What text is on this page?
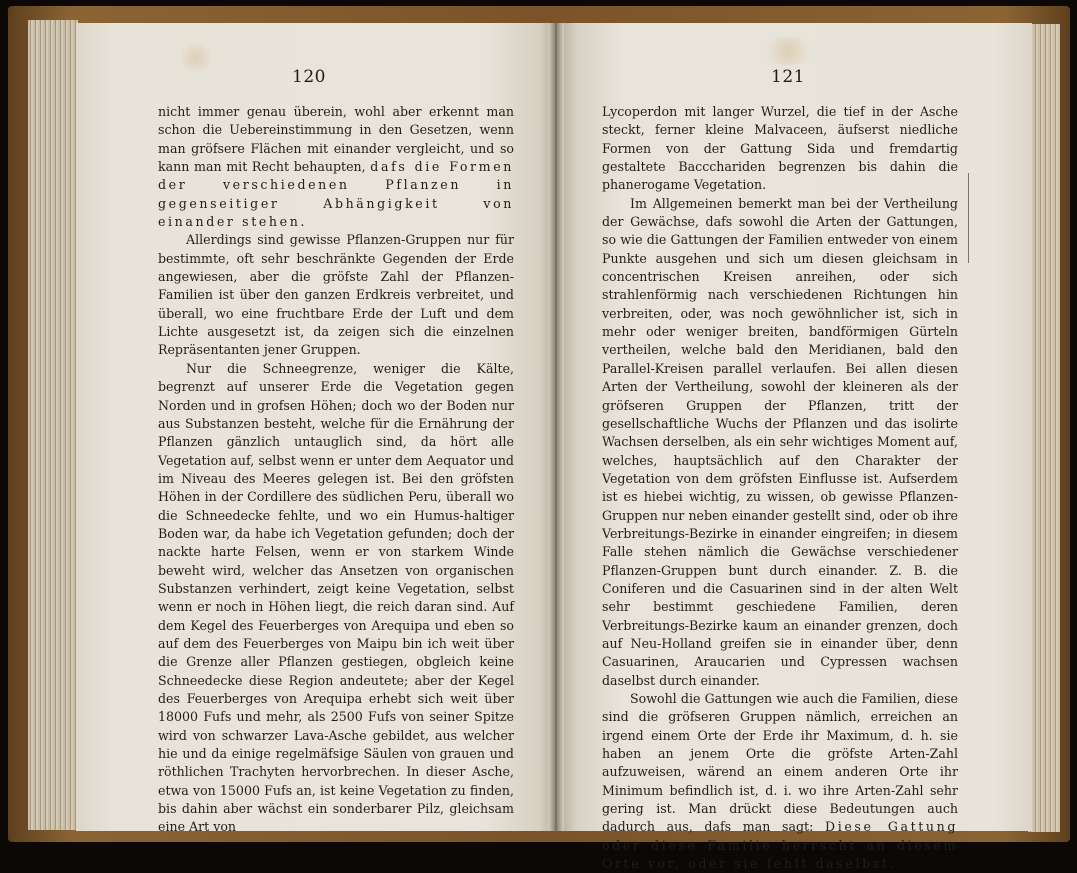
120

nicht immer genau überein, wohl aber erkennt man schon die Uebereinstimmung in den Gesetzen, wenn man gröfsere Flächen mit einander vergleicht, und so kann man mit Recht behaupten, dafs die Formen der verschiedenen Pflanzen in gegenseitiger Abhängigkeit von einander stehen.

Allerdings sind gewisse Pflanzen-Gruppen nur für bestimmte, oft sehr beschränkte Gegenden der Erde angewiesen, aber die gröfste Zahl der Pflanzen-Familien ist über den ganzen Erdkreis verbreitet, und überall, wo eine fruchtbare Erde der Luft und dem Lichte ausgesetzt ist, da zeigen sich die einzelnen Repräsentanten jener Gruppen.

Nur die Schneegrenze, weniger die Kälte, begrenzt auf unserer Erde die Vegetation gegen Norden und in grofsen Höhen; doch wo der Boden nur aus Substanzen besteht, welche für die Ernährung der Pflanzen gänzlich untauglich sind, da hört alle Vegetation auf, selbst wenn er unter dem Aequator und im Niveau des Meeres gelegen ist. Bei den gröfsten Höhen in der Cordillere des südlichen Peru, überall wo die Schneedecke fehlte, und wo ein Humus-haltiger Boden war, da habe ich Vegetation gefunden; doch der nackte harte Felsen, wenn er von starkem Winde beweht wird, welcher das Ansetzen von organischen Substanzen verhindert, zeigt keine Vegetation, selbst wenn er noch in Höhen liegt, die reich daran sind. Auf dem Kegel des Feuerberges von Arequipa und eben so auf dem des Feuerberges von Maipu bin ich weit über die Grenze aller Pflanzen gestiegen, obgleich keine Schneedecke diese Region andeutete; aber der Kegel des Feuerberges von Arequipa erhebt sich weit über 18000 Fufs und mehr, als 2500 Fufs von seiner Spitze wird von schwarzer Lava-Asche gebildet, aus welcher hie und da einige regelmäfsige Säulen von grauen und röthlichen Trachyten hervorbrechen. In dieser Asche, etwa von 15000 Fufs an, ist keine Vegetation zu finden, bis dahin aber wächst ein sonderbarer Pilz, gleichsam eine Art von

121

Lycoperdon mit langer Wurzel, die tief in der Asche steckt, ferner kleine Malvaceen, äufserst niedliche Formen von der Gattung Sida und fremdartig gestaltete Baccchariden begrenzen bis dahin die phanerogame Vegetation.

Im Allgemeinen bemerkt man bei der Vertheilung der Gewächse, dafs sowohl die Arten der Gattungen, so wie die Gattungen der Familien entweder von einem Punkte ausgehen und sich um diesen gleichsam in concentrischen Kreisen anreihen, oder sich strahlenförmig nach verschiedenen Richtungen hin verbreiten, oder, was noch gewöhnlicher ist, sich in mehr oder weniger breiten, bandförmigen Gürteln vertheilen, welche bald den Meridianen, bald den Parallel-Kreisen parallel verlaufen. Bei allen diesen Arten der Vertheilung, sowohl der kleineren als der gröfseren Gruppen der Pflanzen, tritt der gesellschaftliche Wuchs der Pflanzen und das isolirte Wachsen derselben, als ein sehr wichtiges Moment auf, welches, hauptsächlich auf den Charakter der Vegetation von dem gröfsten Einflusse ist. Aufserdem ist es hiebei wichtig, zu wissen, ob gewisse Pflanzen-Gruppen nur neben einander gestellt sind, oder ob ihre Verbreitungs-Bezirke in einander eingreifen; in diesem Falle stehen nämlich die Gewächse verschiedener Pflanzen-Gruppen bunt durch einander. Z. B. die Coniferen und die Casuarinen sind in der alten Welt sehr bestimmt geschiedene Familien, deren Verbreitungs-Bezirke kaum an einander grenzen, doch auf Neu-Holland greifen sie in einander über, denn Casuarinen, Araucarien und Cypressen wachsen daselbst durch einander.

Sowohl die Gattungen wie auch die Familien, diese sind die gröfseren Gruppen nämlich, erreichen an irgend einem Orte der Erde ihr Maximum, d. h. sie haben an jenem Orte die gröfste Arten-Zahl aufzuweisen, wärend an einem anderen Orte ihr Minimum befindlich ist, d. i. wo ihre Arten-Zahl sehr gering ist. Man drückt diese Bedeutungen auch dadurch aus, dafs man sagt: Diese Gattung oder diese Familie herrscht an diesem Orte vor, oder sie fehlt daselbst.
